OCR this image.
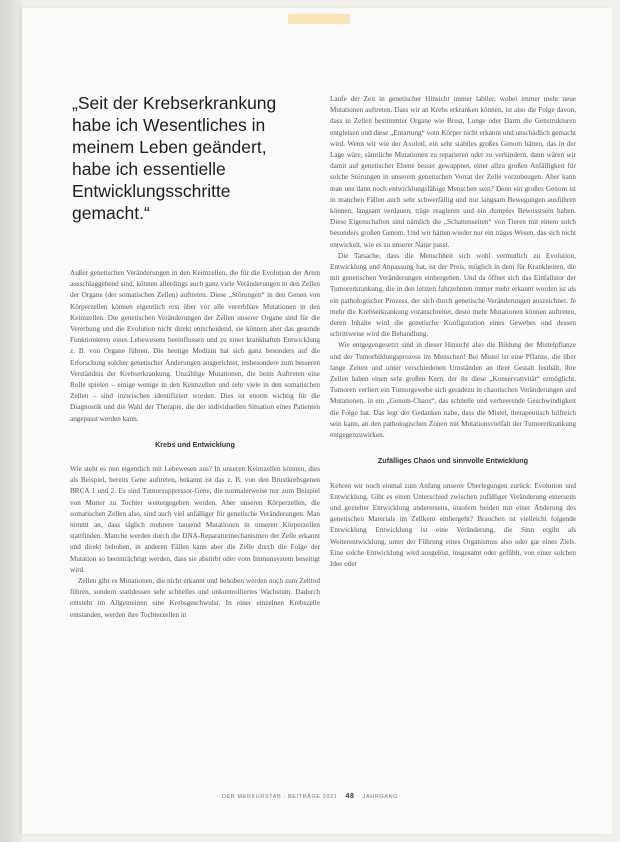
„Seit der Krebserkrankung habe ich Wesentliches in meinem Leben geändert, habe ich essentielle Entwicklungsschritte gemacht.“

Außer genetischen Veränderungen in den Keimzellen, die für die Evolution der Arten ausschlaggebend sind, können allerdings auch ganz viele Veränderungen in den Zellen der Organe (der somatischen Zellen) auftreten. Diese „Störungen“ in den Genen von Körperzellen können eigentlich erst über vor alle vererbbare Mutationen in den Keimzellen. Die genetischen Veränderungen der Zellen unserer Organe sind für die Vererbung und die Evolution nicht direkt entscheidend, sie können aber das gesunde Funktionieren eines Lebewesens beeinflussen und zu einer krankhaften Entwicklung z. B. von Organe führen. Die heutige Medizin hat sich ganz besonders auf die Erforschung solcher genetischer Änderungen ausgerichtet, insbesondere zum besseren Verständnis der Krebserkrankung. Unzählige Mutationen, die beim Auftreten eine Rolle spielen – einige wenige in den Keimzellen und sehr viele in den somatischen Zellen – sind inzwischen identifiziert worden. Dies ist enorm wichtig für die Diagnostik und die Wahl der Therapie, die der individuellen Situation eines Patienten angepasst werden kann.

Krebs und Entwicklung

Wie steht es nun eigentlich mit Lebewesen aus? In unseren Keimzellen können, dies als Beispiel, bereits Gene auftreten, bekannt ist das z. B. von den Brustkrebsgenen BRCA 1 und 2. Es sind Tumorsuppressor-Gene, die normalerweise nur zum Beispiel von Mutter zu Tochter weitergegeben werden. Aber unseren Körperzellen, die somatischen Zellen also, sind auch viel anfälliger für genetische Veränderungen. Man nimmt an, dass täglich mehrere tausend Mutationen in unseren Körperzellen stattfinden. Manche werden durch die DNA-Reparaturmechanismen der Zelle erkannt und direkt behoben, in anderen Fällen kann aber die Zelle durch die Folge der Mutation so beeinträchtigt werden, dass sie abstirbt oder vom Immunsystem beseitigt wird.

Zellen gibt es Mutationen, die nicht erkannt und behoben werden noch zum Zelltod führen, sondern stattdessen sehr schnelles und unkontrolliertes Wachstum. Dadurch entsteht im Allgemeinen eine Krebsgeschwulst. In einer einzelnen Krebszelle entstanden, werden ihre Tochterzellen in

Laufe der Zeit in genetischer Hinsicht immer labiler, wobei immer mehr neue Mutationen auftreten. Dass wir an Krebs erkranken können, ist also die Folge davon, dass in Zellen bestimmter Organe wie Brust, Lunge oder Darm die Genstrukturen entgleisen und diese „Entartung“ vom Körper nicht erkannt und unschädlich gemacht wird. Wenn wir wie der Axolotl, ein sehr stabiles großes Genom hätten, das in der Lage wäre, sämtliche Mutationen zu reparieren oder zu verhindern, dann wären wir damit auf genetischer Ebene besser gewappnet, einer allzu großen Anfälligkeit für solche Störungen in unserem genetischen Vorrat der Zelle vorzubeugen. Aber kann man uns dann noch entwicklungsfähige Menschen sein? Denn ein großes Genom ist in manchen Fällen auch sehr schwerfällig und nur langsam Bewegungen ausführen können, langsam verdauen, träge reagieren und ein dumpfes Bewusstsein haben. Diese Eigenschaften sind nämlich die „Schattenseiten“ von Tieren mit einem solch besonders großen Genom. Und wir hätten wieder nur ein träges Wesen, das sich nicht entwickelt, wie es zu unserer Natur passt.

Die Tatsache, dass die Menschheit sich wohl vermutlich zu Evolution, Entwicklung und Anpassung hat, ist der Preis, möglich in dem für Krankheiten, die mit genetischen Veränderungen einhergehen. Und da öffnet sich das Einfallstor der Tumorerkrankung, die in den letzten Jahrzehnten immer mehr erkannt worden ist als ein pathologischer Prozess, der sich durch genetische Veränderungen auszeichnet. Je mehr die Krebserkrankung voranschreitet, desto mehr Mutationen können auftreten, deren Inhalte wird die genetische Konfiguration eines Gewebes und dessen schrittweise wird die Behandlung.

Wie entgegengesetzt sind in dieser Hinsicht also die Bildung der Mistelpflanze und der Tumorbildungsprozess im Menschen! Bei Mistel ist eine Pflanze, die über lange Zeiten und unter verschiedenen Umständen an ihrer Gestalt festhält, ihre Zellen haben einen sehr großen Kern, der ihr diese „Konservativität“ ermöglicht. Tumoren verliert ein Tumorgewebe sich geradezu in chaotischen Veränderungen und Mutationen, in ein „Genom-Chaos“, das schnelle und verheerende Geschwindigkeit die Folge hat. Das legt der Gedanken nahe, dass die Mistel, therapeutisch hilfreich sein kann, an den pathologischen Zonen mit Mutationsvielfalt der Tumorerkrankung entgegenzuwirken.

Zufälliges Chaos und sinnvolle Entwicklung

Kehren wir noch einmal zum Anfang unserer Überlegungen zurück: Evolution und Entwicklung. Gibt es einen Unterschied zwischen zufälliger Veränderung einerseits und gezielter Entwicklung andererseits, insofern beiden mit einer Änderung des genetischen Materials im Zellkern einhergeht? Brauchen ist vielleicht folgende Entwicklung Entwicklung ist eine Veränderung, die Sinn ergibt als Weiterentwicklung, unter der Führung eines Organismus also oder gar eines Ziels. Eine solche Entwicklung wird ausgelöst, insgesamt oder gefühlt, von einer solchen Idee oder

DER MERKURSTAB · BEITRÄGE 2021 48 JAHRGANG
